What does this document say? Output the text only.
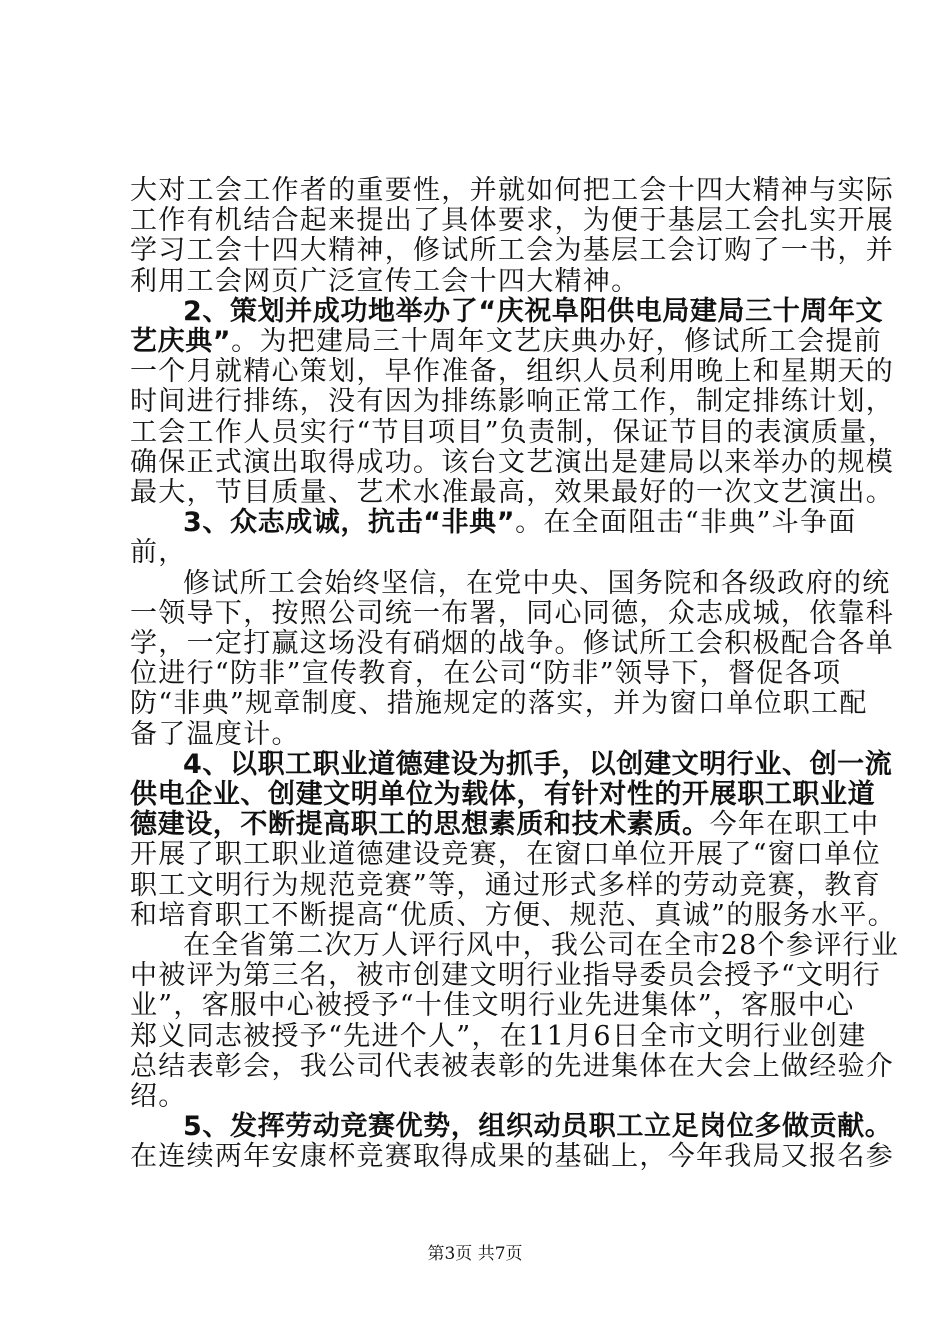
大对工会工作者的重要性，并就如何把工会十四大精神与实际
工作有机结合起来提出了具体要求，为便于基层工会扎实开展
学习工会十四大精神，修试所工会为基层工会订购了一书，并
利用工会网页广泛宣传工会十四大精神。
2、策划并成功地举办了“庆祝阜阳供电局建局三十周年文
艺庆典”。为把建局三十周年文艺庆典办好，修试所工会提前
一个月就精心策划，早作准备，组织人员利用晚上和星期天的
时间进行排练，没有因为排练影响正常工作，制定排练计划，
工会工作人员实行“节目项目”负责制，保证节目的表演质量，
确保正式演出取得成功。该台文艺演出是建局以来举办的规模
最大，节目质量、艺术水准最高，效果最好的一次文艺演出。
3、众志成诚，抗击“非典”。在全面阻击“非典”斗争面
前，
修试所工会始终坚信，在党中央、国务院和各级政府的统
一领导下，按照公司统一布署，同心同德，众志成城，依靠科
学，一定打赢这场没有硝烟的战争。修试所工会积极配合各单
位进行“防非”宣传教育，在公司“防非”领导下，督促各项
防“非典”规章制度、措施规定的落实，并为窗口单位职工配
备了温度计。
4、以职工职业道德建设为抓手，以创建文明行业、创一流
供电企业、创建文明单位为载体，有针对性的开展职工职业道
德建设，不断提高职工的思想素质和技术素质。今年在职工中
开展了职工职业道德建设竞赛，在窗口单位开展了“窗口单位
职工文明行为规范竞赛”等，通过形式多样的劳动竞赛，教育
和培育职工不断提高“优质、方便、规范、真诚”的服务水平。
在全省第二次万人评行风中，我公司在全市28个参评行业
中被评为第三名，被市创建文明行业指导委员会授予“文明行
业”，客服中心被授予“十佳文明行业先进集体”，客服中心
郑义同志被授予“先进个人”，在11月6日全市文明行业创建
总结表彰会，我公司代表被表彰的先进集体在大会上做经验介
绍。
第3页 共7页
5、发挥劳动竞赛优势，组织动员职工立足岗位多做贡献。
在连续两年安康杯竞赛取得成果的基础上，今年我局又报名参
